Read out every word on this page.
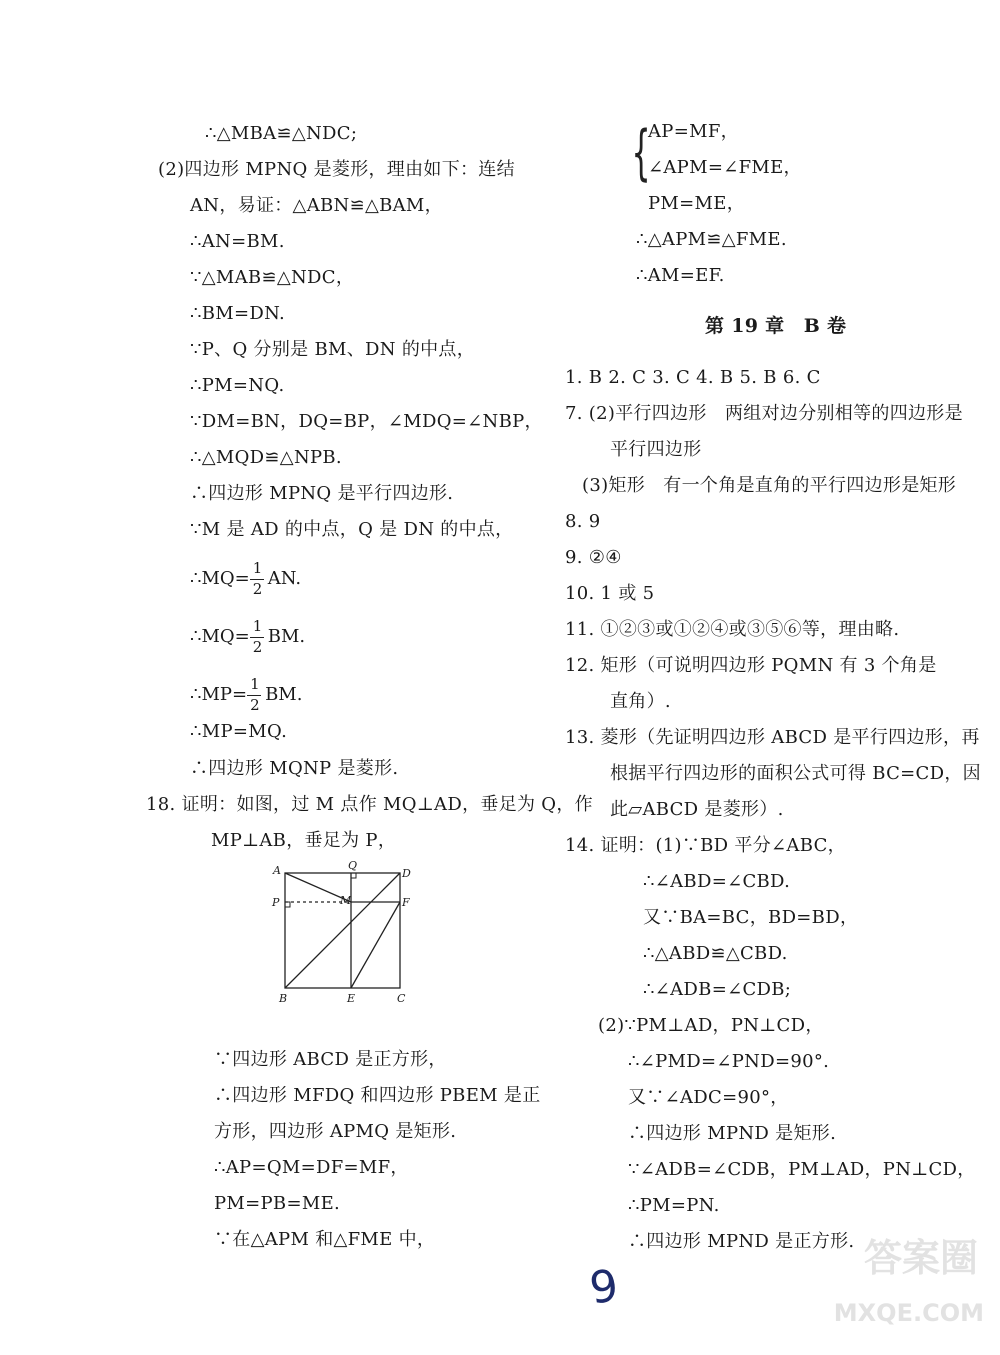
∴△MBA≌△NDC;
(2)四边形 MPNQ 是菱形，理由如下：连结
AN，易证：△ABN≌△BAM，
∴AN=BM.
∵△MAB≌△NDC，
∴BM=DN.
∵P、Q 分别是 BM、DN 的中点，
∴PM=NQ.
∵DM=BN，DQ=BP，∠MDQ=∠NBP，
∴△MQD≌△NPB.
∴四边形 MPNQ 是平行四边形.
∵M 是 AD 的中点，Q 是 DN 的中点，
∴四边形 MQNP 是菱形.
18. 证明：如图，过 M 点作 MQ⊥AD，垂足为 Q，作
MP⊥AB，垂足为 P，
∵四边形 ABCD 是正方形，
∴四边形 MFDQ 和四边形 PBEM 是正
方形，四边形 APMQ 是矩形.
∴AP=QM=DF=MF，
PM=PB=ME.
∵在△APM 和△FME 中，
∴MP=MQ.
∴MQ= $\frac{1}{2}$ AN.
∴MQ= $\frac{1}{2}$ BM.
∴MP= $\frac{1}{2}$ BM.
AP=MF，
∠APM=∠FME，
PM=ME，
∴△APM≌△FME.
∴AM=EF.
1. B 2. C 3. C 4. B 5. B 6. C
7. (2)平行四边形　两组对边分别相等的四边形是
平行四边形
(3)矩形　有一个角是直角的平行四边形是矩形
8. 9
9. ②④
10. 1 或 5
11. ①②③或①②④或③⑤⑥等，理由略.
12. 矩形（可说明四边形 PQMN 有 3 个角是
直角）.
13. 菱形（先证明四边形 ABCD 是平行四边形，再
根据平行四边形的面积公式可得 BC=CD，因
此▱ABCD 是菱形）.
14. 证明：(1)∵BD 平分∠ABC，
∴∠ABD=∠CBD.
又∵BA=BC，BD=BD，
∴△ABD≌△CBD.
∴∠ADB=∠CDB;
(2)∵PM⊥AD，PN⊥CD，
∴∠PMD=∠PND=90°.
又∵∠ADC=90°，
∴四边形 MPND 是矩形.
∵∠ADB=∠CDB，PM⊥AD，PN⊥CD，
∴PM=PN.
∴四边形 MPND 是正方形.
第 19 章　B 卷
{
A	Q
D
M
P	F
B	E	C
9
答案圈
MXQE.COM
